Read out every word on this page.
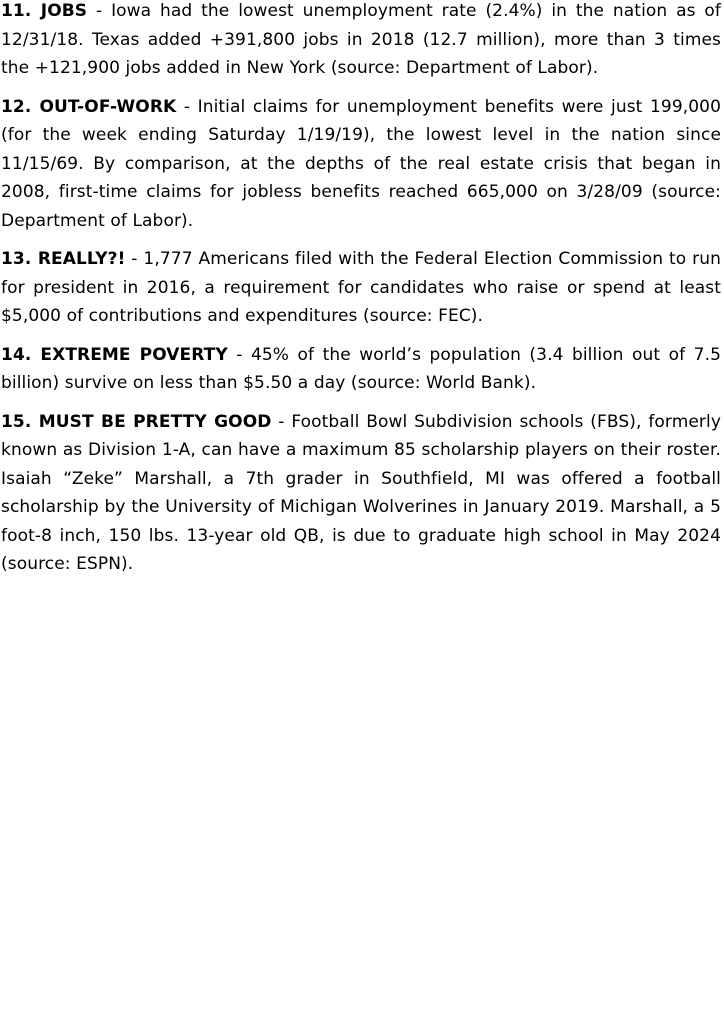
11. JOBS - Iowa had the lowest unemployment rate (2.4%) in the nation as of 12/31/18. Texas added +391,800 jobs in 2018 (12.7 million), more than 3 times the +121,900 jobs added in New York (source: Department of Labor).

12. OUT-OF-WORK - Initial claims for unemployment benefits were just 199,000 (for the week ending Saturday 1/19/19), the lowest level in the nation since 11/15/69. By comparison, at the depths of the real estate crisis that began in 2008, first-time claims for jobless benefits reached 665,000 on 3/28/09 (source: Department of Labor).

13. REALLY?! - 1,777 Americans filed with the Federal Election Commission to run for president in 2016, a requirement for candidates who raise or spend at least $5,000 of contributions and expenditures (source: FEC).

14. EXTREME POVERTY - 45% of the world’s population (3.4 billion out of 7.5 billion) survive on less than $5.50 a day (source: World Bank).

15. MUST BE PRETTY GOOD - Football Bowl Subdivision schools (FBS), formerly known as Division 1-A, can have a maximum 85 scholarship players on their roster. Isaiah “Zeke” Marshall, a 7th grader in Southfield, MI was offered a football scholarship by the University of Michigan Wolverines in January 2019. Marshall, a 5 foot-8 inch, 150 lbs. 13-year old QB, is due to graduate high school in May 2024 (source: ESPN).
